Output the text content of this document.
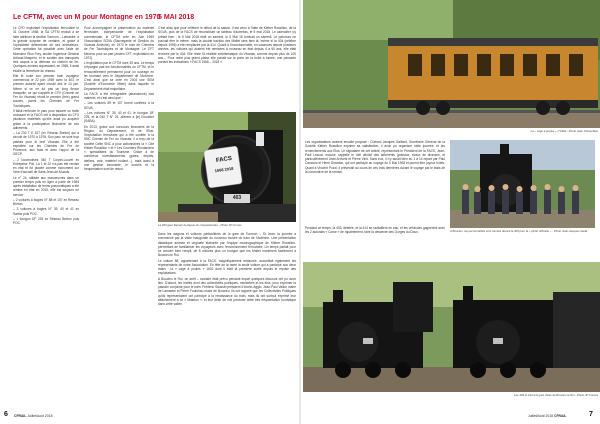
Le CFTM, avec un M pour Montagne en 1970

Le CFD exploitant l'exploitation ferroviaire le 31 Octobre 1968, la SA CFTM réussit à se faire attribuer la section Tournon – Lamastre, à la grande surprise de certains, et grâce à l'opiniâtreté déterminée de ses animateurs. Cette opération fut possible avec l'aide de Monsieur Rico Frey, ancien Ingénieur Général Arbaud-Maspéro, et le soutien des transports très acquis à la défense du chemin de fer. Quelques années auparavant, en 1965, il avait étudié la fermeture du réseau.

Elle lit route son premier train voyageur commercial le 22 juin 1969 avec la 403, le premier autorail ayant circulé dès le 14 juin. Même si ce ne fut pas un long fleuve tranquille, ce qui s'appelé le CFV (Chemin de Fer du Vivarais) réunit le premier (très) grand succès, parmi les Chemins de Fer Touristiques.

Il fallut renforcer le parc pour assurer un trafic croissant et la FACS mit à disposition du CFV plusieurs matériels qu'elle avait pu acquérir grâce à la participation financière de ses adhérents.

– La 230 T E 327 (ex Réseau Breton) qui a circulé de 1970 à 1978. Son parc ne sont trop passés pour le bref Vivarais. Elle a été exploitée sur les Chemins de Fer de Provence, aux frais et avec l'appui de la GECP.

– 2 locomotives 040 T Corpet-Louvet ex Entreprise Poil, La 1 et 22 n'a pas été remise en état et fut placée comme monument sur l'aire d'accueil de Saint-Jean-de-Muzols.

Le n° 24, utilisée aux manoeuvres dans un premier temps puis en ligne à partir de 1984 après installation de freins pneumatiques a été remise en état en 2015, elle est toujours en service.

– 2 voitures à bogies N° 88 et 107 ex Réseau Breton.

– 3 voitures à bogies N° 39, 40 et 41 ex Sarthe puis POC.

– 1 fourgon DF 225 ex Réseau Breton puis POC.

Pour accompagner la préservation du matériel ferroviaire, indépendante de l'exploitation commerciale, le CFTM crée en Juin 1969 l'Association SGVA (Sauvegarde et Gestion du Vivarais Ardèche), en 1970 le nom de Chemins de Fer Touristiques et de Montagne. Le CFT Mezenc pour sa part (ancien CFT, exploitation en 1972).

L'exploitation par le CFTM dure 35 ans. Le temps n'épargne pas les fonctionnalités du CFTM, et le renouvellement permanent pour un ouvrage en fer tournant vers le Département de l'Ardèche. C'est ainsi que se crée en 2004 une SEM (Société d'Economie Mixte) dans laquelle le Département était majoritaire.

La FACS a été rétrogradée (abandonné) tout matériel, et c'est ainsi que :

– Les voitures 89 et 107 furent confiées à la SGVA.

– Les voitures N° 39, 40 et 41, le fourgon DF 225, et la 040 T N° 24, allèrent à [le] Ecoubler (SABA).

En 2013, grâce aux concours financiers de la Région, du Département, et de l'Etat, l'exploitation ferroviaire qui a été confiée à la SNC Chemin de Fer du Vivarais, il a reçu de la société Cette SNC a pour actionnaires la « Cité Kléber Rossillon » et « Les Courriers Rhodaniens », spécialistes du Tourisme. Grâce à de nombreux investissements (gares, dépôts, ateliers, voie, matériel roulant…), mais aussi à une gestion innovante, le succès et la fréquentation sont de retour.

5 MAI 2018

C'est ainsi que pour célébrer le début de la saison, il est venu à l'idée de Kléber Rossillon, de la SGVA, puis de la FACS de reconstituer un tableau d'autrefois, le 5 mai 2018. Le calendrier s'y prêtait bien : le 5 Mai 2018 était un samedi, le 5 Mai 18 tombait un samedi. Le parcours ne pouvait être le même, mais la double traction des Mallet sera bien là, même si la 404 (célèbre depuis 1995) a été remplacée par la 414. Quant à l'incontournable, en vacances depuis plusieurs années, les voitures qui avaient été remisées à nouveau en état depuis 4 à 50 ans, elle était rénovée par le 404. Elle reste l'A réaliste emblématique du Vivarais, comme depuis plus de 100 ans… Pour notre plus grand plaisir elle portait sur la porte de la boîte à fumée, une pancarte portant les indications « FACS 1968 – 2018 »

FACS
1968 2018
403
La 403 gare flamant la plaque du cinquantenaire - Photo JP Cornes

Dans les wagons et voitures particulières de la gare de Tournon – St Jean, la journée a commencé par la visite inaugurale du nouveau musée du train de l'Ardèche. Une présentation didactique animée et originale élaborée par l'équipe muséographique de Kléber Rossillon, permettant de familiariser les voyageurs avec l'environnement ferroviaire. Un temps parfait pour ce concert bien rempli, de 8 voitures plus un fourgon que les Mallet montèrent facilement à Boucieu le Roi.

Le voiture 88, appartenant à la FACS, magnifiquement restaurée, accueillait également les représentants de notre Association. En tête de la rame la seule voiture qui a participé aux deux trains : la « cage à poules » 1602 dont il était là première sortie depuis le reprise des exploitations.

A Boucieu le Roi, un arrêt – scolaire était prévu pendant lequel quelques discours ont pu avoir lieu. D'abord, les invités dont des collectivités publiques, ministères et les élus, pour exprimer la passion conjointe pour le train. Frédéric Sausset président d'Arche-Agglo, Jean-Paul Vallon maire de Lamastre et Pierre Fourchau maire de Boucieu. Ils ont rappelé que les Collectivités Publiques qu'ils représentaient ont participé à la renaissance du train, mais ils ont surtout exprimé leur attachement à ce « Mastrou », et leur désir de voir perdurer cette très fréquentation touristique dans cette vallée.

6 CFRAIL Juillet/Août 2018
La « cage à poules » n°1602 - Photo Jean Cheverfaye

Les organisateurs avaient ensuite proposé : D'abord Jacques Galliard, Secrétaire Général de la Société Kléber Rossillon exprime sa satisfaction, il avoir pu organiser cette journée, et les remerciements aux Élus. Le signataire de cet article, représentant le Président de la FACS, Jean-Paul Lescat, excusé, rappelle le rôle décisif des adhérents (poteaux, rivaux de diverses, et particulièrement Jean Arrivetz et Pierre Vinit. Sans eux, il n'y aurait bien eu 1 à 14 repart par Paul Caraccio et Henri Girardon, qui ont participé au voyage du 5 Mai 1968 et purent être joyeux hôtes. Quant à Vincent Pozzi, il prévenait au cours de ces trois dernières durant le voyage par le biais de la locomotive de la remise.

Pendant ce temps, la 403, dételée, et la 414 se ravitaillent en eau, et les véhicules gagnèrent avec les 2 autorails « Corse » de rapatriement, faire la descente des Gorges du Doux.	A Boucieu, les personnalités sont réunies devant la 403 pour la « photo officielle » - Photo Jean-Jacques Garât
Les 403 et 414 à la gare d'eau de Boucieu le Roi - Photo JP Cornes
Juillet/Août 2018 CFRAIL	7
